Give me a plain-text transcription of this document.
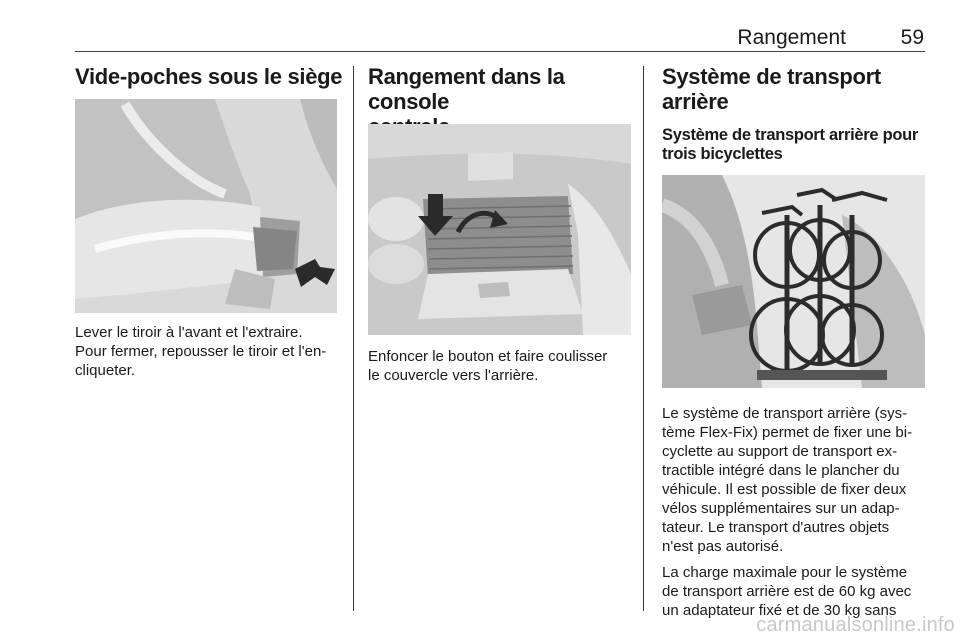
Rangement	59
Vide-poches sous le siège

Lever le tiroir à l'avant et l'extraire.

Pour fermer, repousser le tiroir et l'en-

cliqueter.

Rangement dans la console

Enfoncer le bouton et faire coulisser

le couvercle vers l'arrière.

Système de transport
arrière
Système de transport arrière pour
trois bicyclettes

Le système de transport arrière (sys-

tème Flex-Fix) permet de fixer une bi-

cyclette au support de transport ex-

tractible intégré dans le plancher du

véhicule. Il est possible de fixer deux

vélos supplémentaires sur un adap-

tateur. Le transport d'autres objets

n'est pas autorisé.

La charge maximale pour le système

de transport arrière est de 60 kg avec

un adaptateur fixé et de 30 kg sans

carmanualsonline.info
